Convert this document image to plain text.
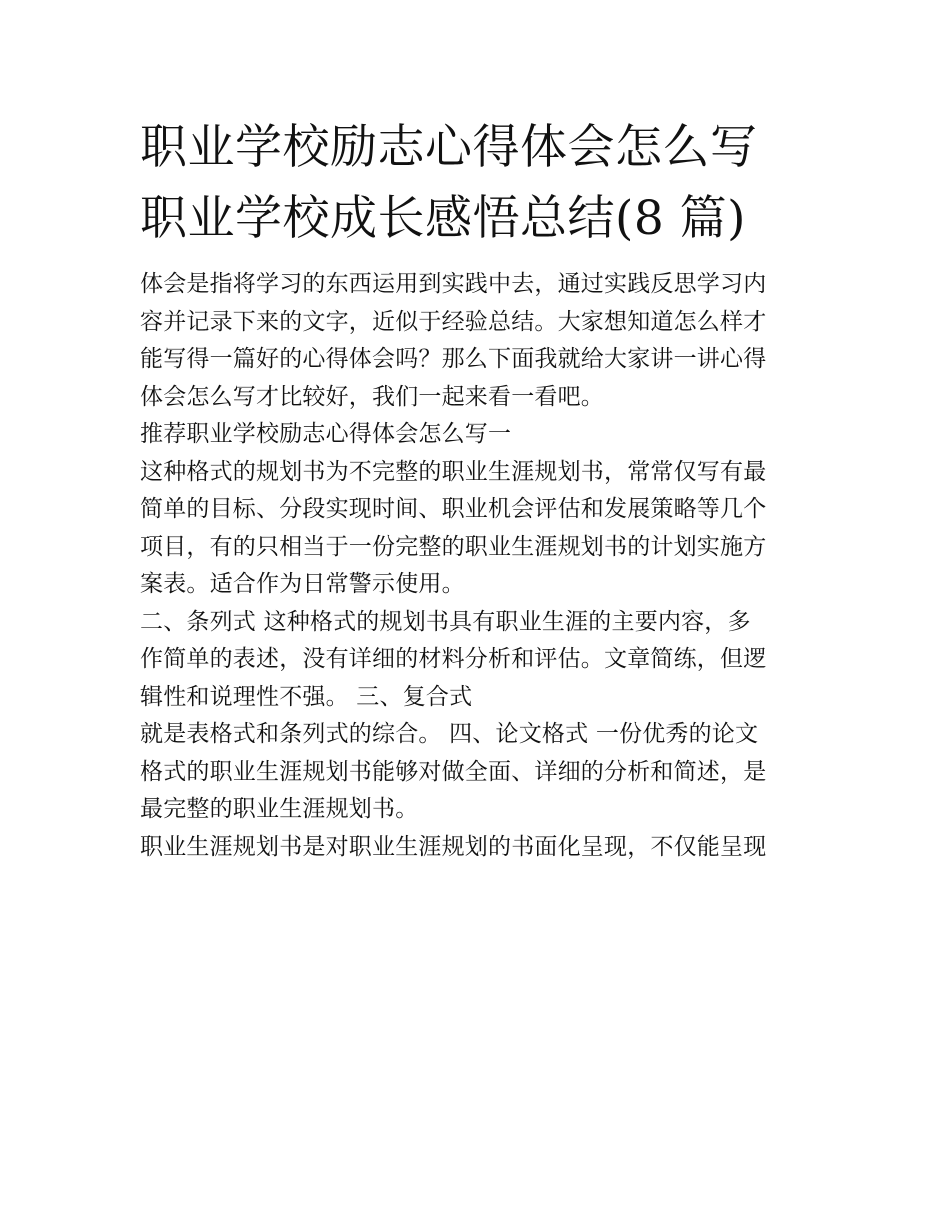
职业学校励志心得体会怎么写
职业学校成长感悟总结(8 篇)

体会是指将学习的东西运用到实践中去，通过实践反思学习内
容并记录下来的文字，近似于经验总结。大家想知道怎么样才
能写得一篇好的心得体会吗？那么下面我就给大家讲一讲心得
体会怎么写才比较好，我们一起来看一看吧。

推荐职业学校励志心得体会怎么写一

这种格式的规划书为不完整的职业生涯规划书，常常仅写有最
简单的目标、分段实现时间、职业机会评估和发展策略等几个
项目，有的只相当于一份完整的职业生涯规划书的计划实施方
案表。适合作为日常警示使用。

二、条列式 这种格式的规划书具有职业生涯的主要内容，多
作简单的表述，没有详细的材料分析和评估。文章简练，但逻
辑性和说理性不强。 三、复合式

就是表格式和条列式的综合。 四、论文格式 一份优秀的论文
格式的职业生涯规划书能够对做全面、详细的分析和简述，是
最完整的职业生涯规划书。

职业生涯规划书是对职业生涯规划的书面化呈现，不仅能呈现
